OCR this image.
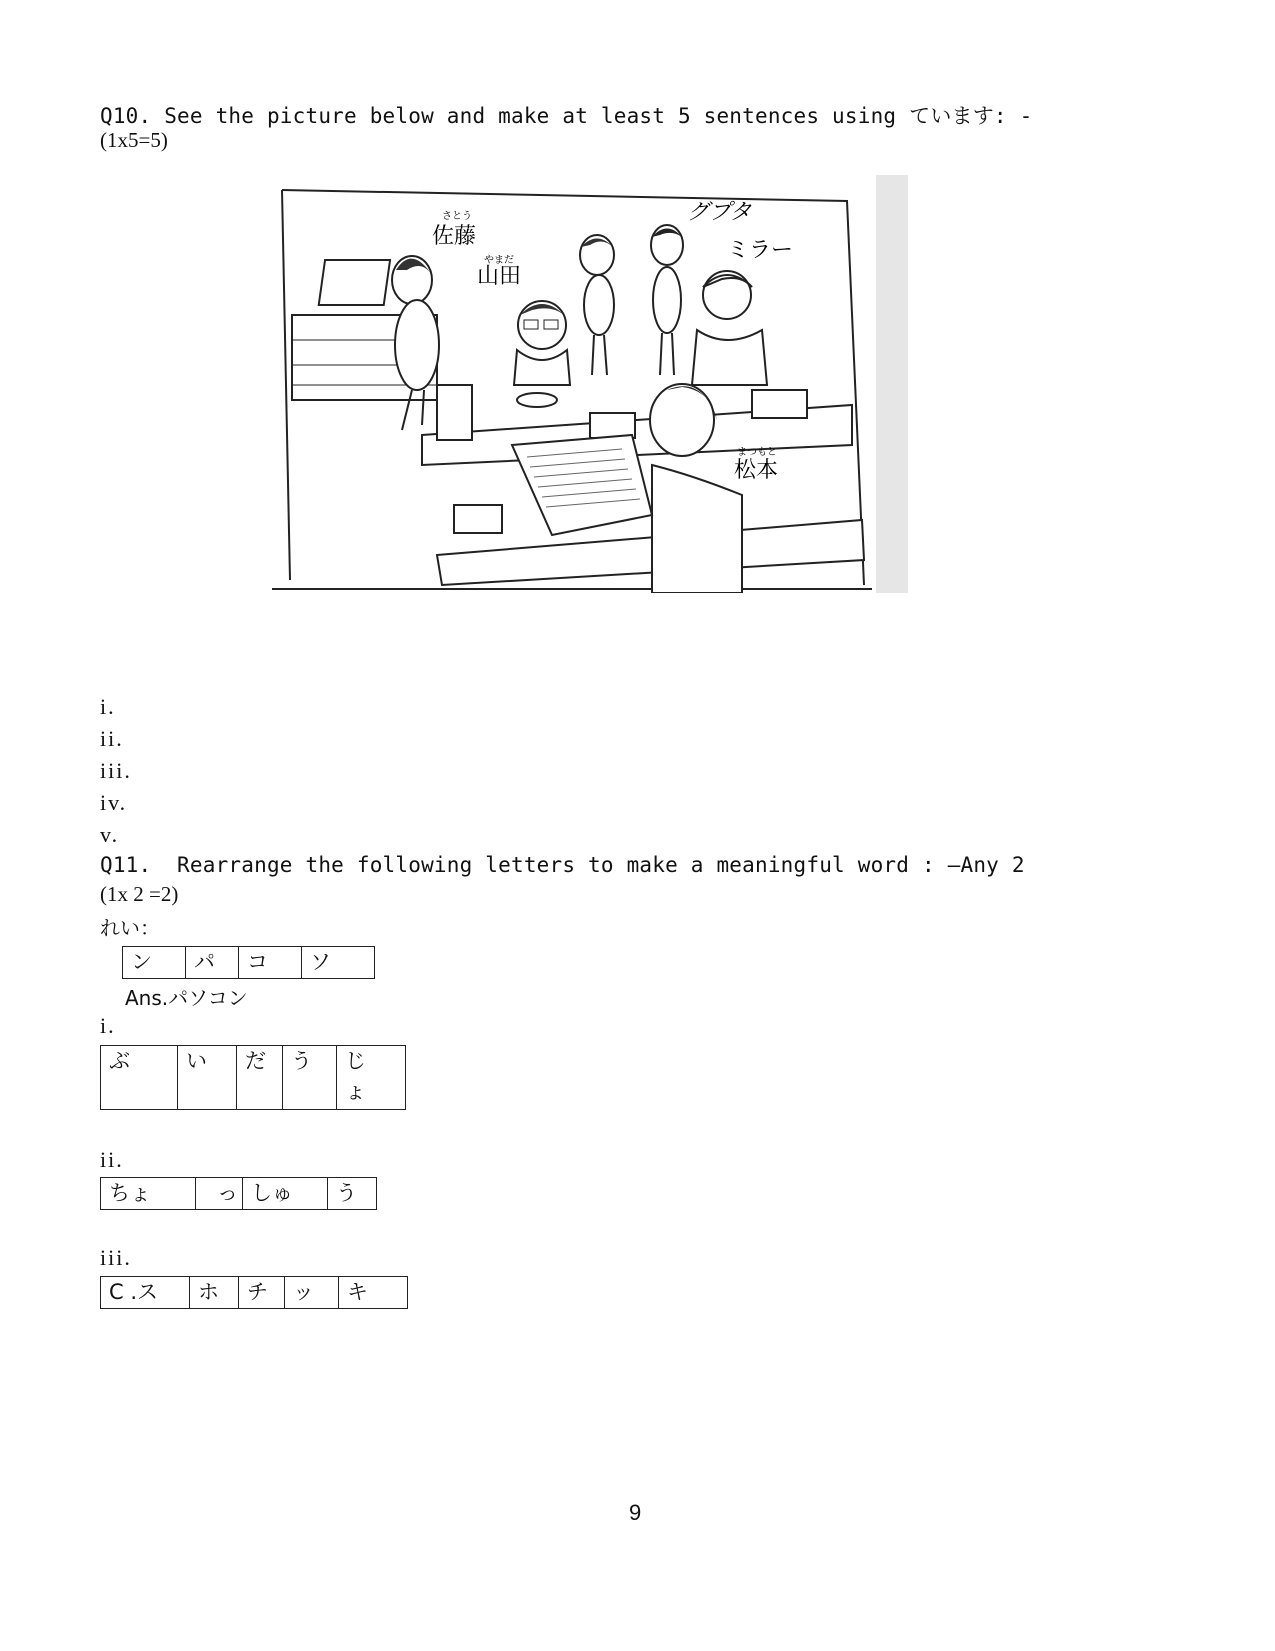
Q10. See the picture below and make at least 5 sentences using ています: -
(1x5=5)
さとう
佐藤
やまだ
山田
グプタ
ミラー
まつもと
松本
i.
ii.
iii.
iv.
v.
Q11.  Rearrange the following letters to make a meaningful word : —Any 2
(1x 2 =2)
れい：
ン	パ	コ	ソ
Ans.パソコン
i.
ぶ	い	だ	う	じ
ょ
ii.
ちょ	っ	しゅ	う
iii.
C .ス	ホ	チ	ッ	キ
9
